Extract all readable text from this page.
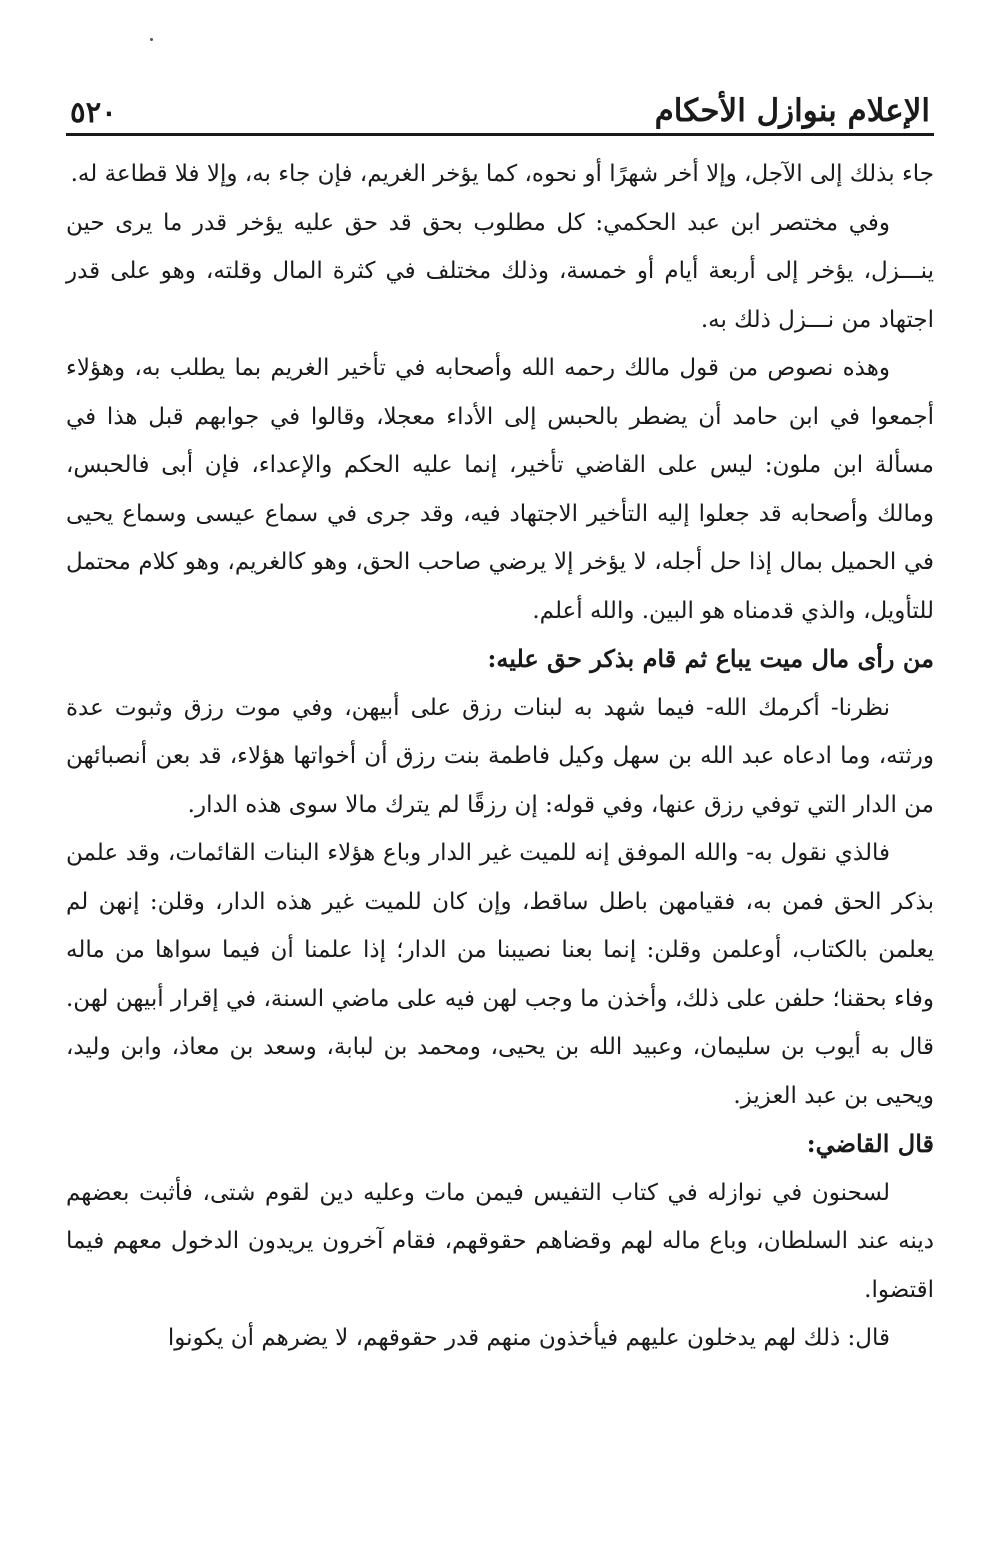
الإعلام بنوازل الأحكام
٥٢٠

جاء بذلك إلى الآجل، وإلا أخر شهرًا أو نحوه، كما يؤخر الغريم، فإن جاء به، وإلا فلا قطاعة له.

وفي مختصر ابن عبد الحكمي: كل مطلوب بحق قد حق عليه يؤخر قدر ما يرى حين ينـــزل، يؤخر إلى أربعة أيام أو خمسة، وذلك مختلف في كثرة المال وقلته، وهو على قدر اجتهاد من نـــزل ذلك به.

وهذه نصوص من قول مالك رحمه الله وأصحابه في تأخير الغريم بما يطلب به، وهؤلاء أجمعوا في ابن حامد أن يضطر بالحبس إلى الأداء معجلا، وقالوا في جوابهم قبل هذا في مسألة ابن ملون: ليس على القاضي تأخير، إنما عليه الحكم والإعداء، فإن أبى فالحبس، ومالك وأصحابه قد جعلوا إليه التأخير الاجتهاد فيه، وقد جرى في سماع عيسى وسماع يحيى في الحميل بمال إذا حل أجله، لا يؤخر إلا يرضي صاحب الحق، وهو كالغريم، وهو كلام محتمل للتأويل، والذي قدمناه هو البين. والله أعلم.

من رأى مال ميت يباع ثم قام بذكر حق عليه:

نظرنا- أكرمك الله- فيما شهد به لبنات رزق على أبيهن، وفي موت رزق وثبوت عدة ورثته، وما ادعاه عبد الله بن سهل وكيل فاطمة بنت رزق أن أخواتها هؤلاء، قد بعن أنصبائهن من الدار التي توفي رزق عنها، وفي قوله: إن رزقًا لم يترك مالا سوى هذه الدار.

فالذي نقول به- والله الموفق إنه للميت غير الدار وباع هؤلاء البنات القائمات، وقد علمن بذكر الحق فمن به، فقيامهن باطل ساقط، وإن كان للميت غير هذه الدار، وقلن: إنهن لم يعلمن بالكتاب، أوعلمن وقلن: إنما بعنا نصيبنا من الدار؛ إذا علمنا أن فيما سواها من ماله وفاء بحقنا؛ حلفن على ذلك، وأخذن ما وجب لهن فيه على ماضي السنة، في إقرار أبيهن لهن. قال به أيوب بن سليمان، وعبيد الله بن يحيى، ومحمد بن لبابة، وسعد بن معاذ، وابن وليد، ويحيى بن عبد العزيز.

قال القاضي:

لسحنون في نوازله في كتاب التفيس فيمن مات وعليه دين لقوم شتى، فأثبت بعضهم دينه عند السلطان، وباع ماله لهم وقضاهم حقوقهم، فقام آخرون يريدون الدخول معهم فيما اقتضوا.

قال: ذلك لهم يدخلون عليهم فيأخذون منهم قدر حقوقهم، لا يضرهم أن يكونوا
